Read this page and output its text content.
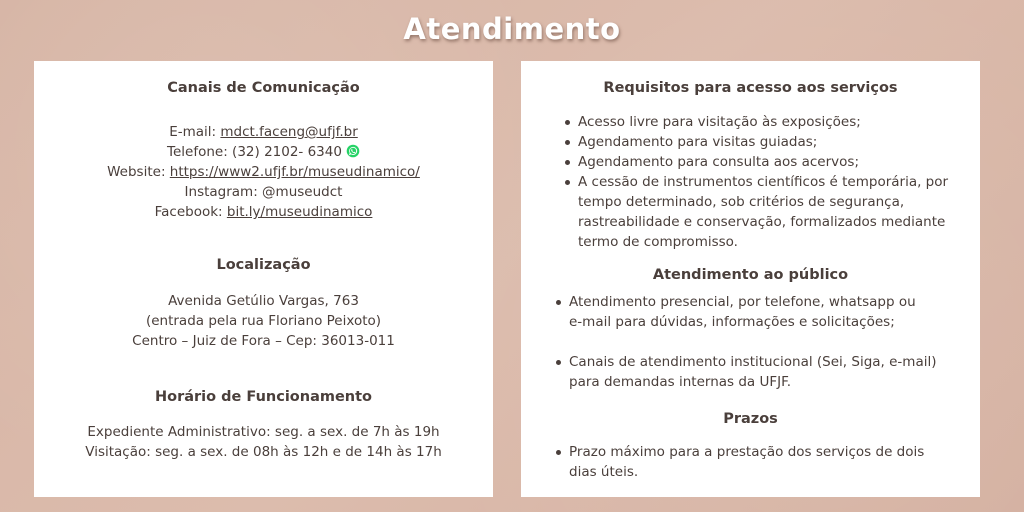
Atendimento
Canais de Comunicação
E-mail: mdct.faceng@ufjf.br
Telefone: (32) 2102- 6340
Website: https://www2.ufjf.br/museudinamico/
Instagram: @museudct
Facebook: bit.ly/museudinamico
Localização
Avenida Getúlio Vargas, 763
(entrada pela rua Floriano Peixoto)
Centro – Juiz de Fora – Cep: 36013-011
Horário de Funcionamento
Expediente Administrativo: seg. a sex. de 7h às 19h
Visitação: seg. a sex. de 08h às 12h e de 14h às 17h
Requisitos para acesso aos serviços
Acesso livre para visitação às exposições;
Agendamento para visitas guiadas;
Agendamento para consulta aos acervos;
A cessão de instrumentos científicos é temporária, por tempo determinado, sob critérios de segurança, rastreabilidade e conservação, formalizados mediante termo de compromisso.
Atendimento ao público
Atendimento presencial, por telefone, whatsapp ou e-mail para dúvidas, informações e solicitações;
Canais de atendimento institucional (Sei, Siga, e-mail) para demandas internas da UFJF.
Prazos
Prazo máximo para a prestação dos serviços de dois dias úteis.
